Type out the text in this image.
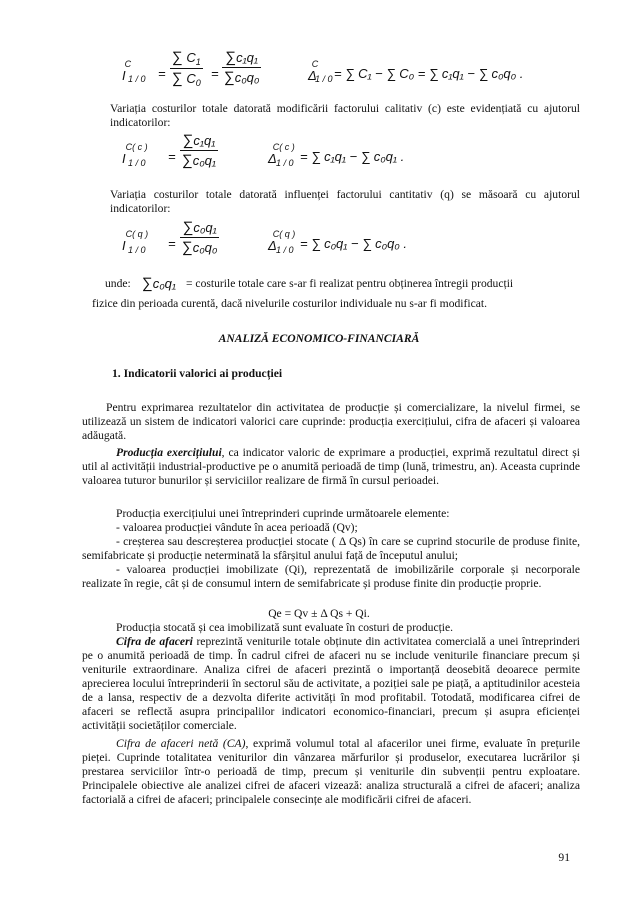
$I^C$
$1 / 0 = \frac{\sum C_1}{\sum C_0} = \frac{\text{∑c₁q₁}}{\text{∑c₀q₀}}$	$\Delta^C$
1 / 0 = ∑ C₁ − ∑ C₀ = ∑ c₁q₁ − ∑ c₀q₀ .
Variația costurilor totale datorată modificării factorului calitativ (c) este evidențiată cu ajutorul indicatorilor:
$I^{C( c )}$
$1 / 0 = \frac{\text{∑c₁q₁}}{\text{∑c₀q₁}}$	$\Delta^{C( c )}$
1 / 0 = ∑ c₁q₁ − ∑ c₀q₁ .
Variația costurilor totale datorată influenței factorului cantitativ (q) se măsoară cu ajutorul indicatorilor:
$I^{C( q )}$
$1 / 0 = \frac{\text{∑c₀q₁}}{\text{∑c₀q₀}}$	$\Delta^{C( q )}$
1 / 0 = ∑ c₀q₁ − ∑ c₀q₀ .
unde: ∑c₀q₁ = costurile totale care s-ar fi realizat pentru obținerea întregii producții
fizice din perioada curentă, dacă nivelurile costurilor individuale nu s-ar fi modificat.
ANALIZĂ ECONOMICO-FINANCIARĂ
1. Indicatorii valorici ai producției
Pentru exprimarea rezultatelor din activitatea de producție și comercializare, la nivelul firmei, se utilizează un sistem de indicatori valorici care cuprinde: producția exercițiului, cifra de afaceri și valoarea adăugată.
Producția exercițiului, ca indicator valoric de exprimare a producției, exprimă rezultatul direct și util al activității industrial-productive pe o anumită perioadă de timp (lună, trimestru, an). Aceasta cuprinde valoarea tuturor bunurilor și serviciilor realizare de firmă în cursul perioadei.
Producția exercițiului unei întreprinderi cuprinde următoarele elemente:
- valoarea producției vândute în acea perioadă (Qv);
- creșterea sau descreșterea producției stocate ( Δ Qs) în care se cuprind stocurile de produse finite, semifabricate și producție neterminată la sfârșitul anului față de începutul anului;
- valoarea producției imobilizate (Qi), reprezentată de imobilizările corporale și necorporale realizate în regie, cât și de consumul intern de semifabricate și produse finite din producție proprie.
Qe = Qv ± Δ Qs + Qi.
Producția stocată și cea imobilizată sunt evaluate în costuri de producție.
Cifra de afaceri reprezintă veniturile totale obținute din activitatea comercială a unei întreprinderi pe o anumită perioadă de timp. În cadrul cifrei de afaceri nu se include veniturile financiare precum și veniturile extraordinare. Analiza cifrei de afaceri prezintă o importanță deosebită deoarece permite aprecierea locului întreprinderii în sectorul său de activitate, a poziției sale pe piață, a aptitudinilor acesteia de a lansa, respectiv de a dezvolta diferite activități în mod profitabil. Totodată, modificarea cifrei de afaceri se reflectă asupra principalilor indicatori economico-financiari, precum și asupra eficienței activității societăților comerciale.
Cifra de afaceri netă (CA), exprimă volumul total al afacerilor unei firme, evaluate în prețurile pieței. Cuprinde totalitatea veniturilor din vânzarea mărfurilor și produselor, executarea lucrărilor și prestarea serviciilor într-o perioadă de timp, precum și veniturile din subvenții pentru exploatare. Principalele obiective ale analizei cifrei de afaceri vizează: analiza structurală a cifrei de afaceri; analiza factorială a cifrei de afaceri; principalele consecințe ale modificării cifrei de afaceri.
91
